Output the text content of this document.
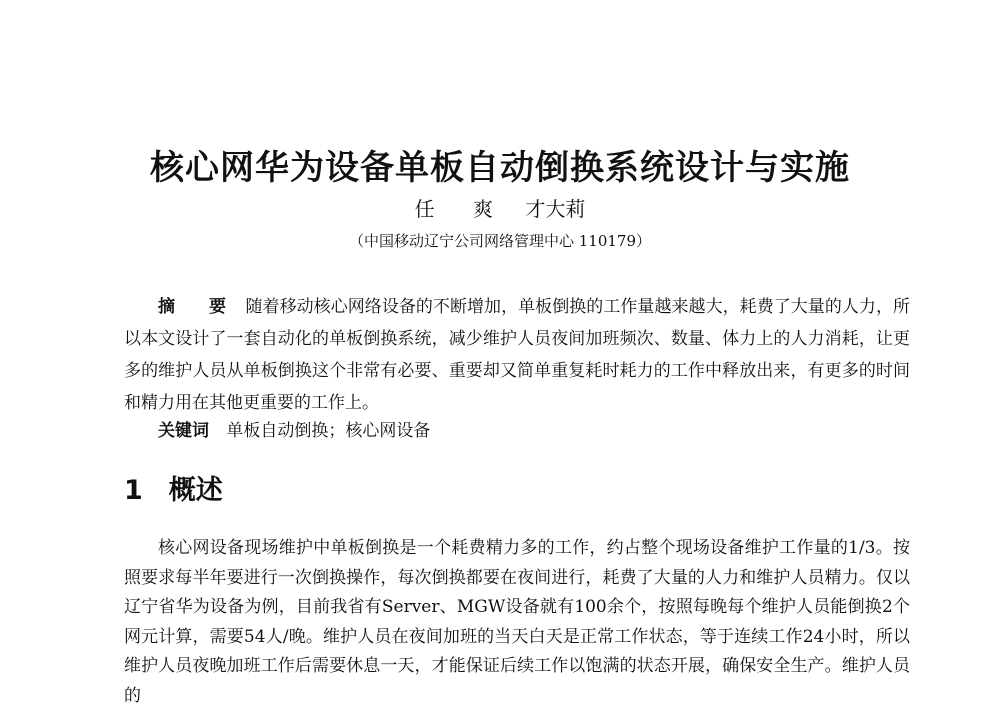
核心网华为设备单板自动倒换系统设计与实施
任 爽 才大莉
（中国移动辽宁公司网络管理中心 110179）
摘 要 随着移动核心网络设备的不断增加，单板倒换的工作量越来越大，耗费了大量的人力，所以本文设计了一套自动化的单板倒换系统，减少维护人员夜间加班频次、数量、体力上的人力消耗，让更多的维护人员从单板倒换这个非常有必要、重要却又简单重复耗时耗力的工作中释放出来，有更多的时间和精力用在其他更重要的工作上。
关键词 单板自动倒换；核心网设备
1 概述
核心网设备现场维护中单板倒换是一个耗费精力多的工作，约占整个现场设备维护工作量的1/3。按照要求每半年要进行一次倒换操作，每次倒换都要在夜间进行，耗费了大量的人力和维护人员精力。仅以辽宁省华为设备为例，目前我省有Server、MGW设备就有100余个，按照每晚每个维护人员能倒换2个网元计算，需要54人/晚。维护人员在夜间加班的当天白天是正常工作状态，等于连续工作24小时，所以维护人员夜晚加班工作后需要休息一天，才能保证后续工作以饱满的状态开展，确保安全生产。维护人员的
